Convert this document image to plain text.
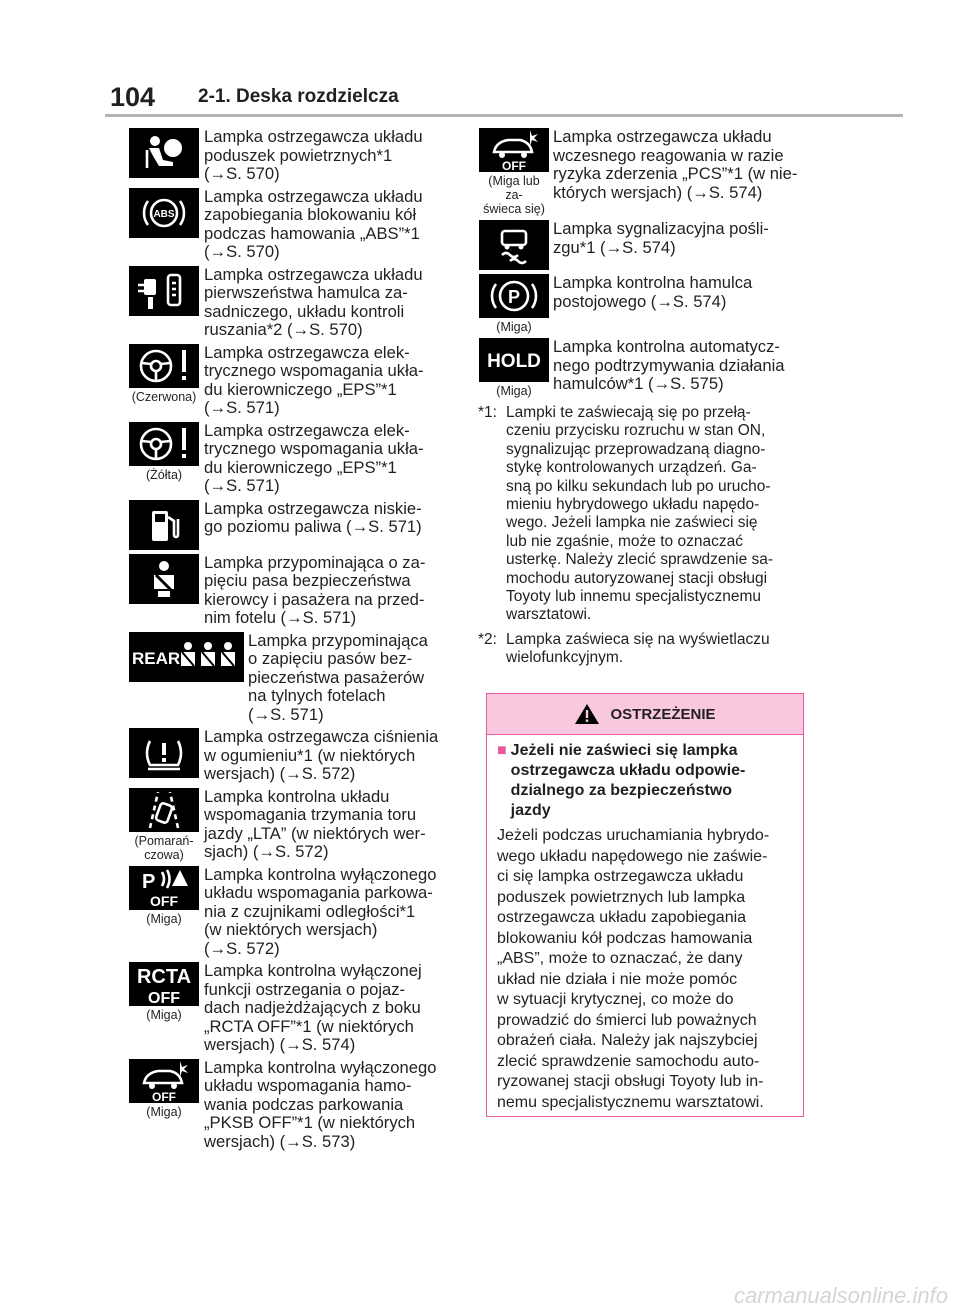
104 2-1. Deska rozdzielcza
Lampka ostrzegawcza układu
poduszek powietrznych*1
(→S. 570)
ABS
Lampka ostrzegawcza układu
zapobiegania blokowaniu kół
podczas hamowania „ABS”*1
(→S. 570)
Lampka ostrzegawcza układu
pierwszeństwa hamulca za-
sadniczego, układu kontroli
ruszania*2 (→S. 570)
(Czerwona)
Lampka ostrzegawcza elek-
trycznego wspomagania ukła-
du kierowniczego „EPS”*1
(→S. 571)
(Żółta)
Lampka ostrzegawcza elek-
trycznego wspomagania ukła-
du kierowniczego „EPS”*1
(→S. 571)
Lampka ostrzegawcza niskie-
go poziomu paliwa (→S. 571)
Lampka przypominająca o za-
pięciu pasa bezpieczeństwa
kierowcy i pasażera na przed-
nim fotelu (→S. 571)
REAR
Lampka przypominająca
o zapięciu pasów bez-
pieczeństwa pasażerów
na tylnych fotelach
(→S. 571)
Lampka ostrzegawcza ciśnienia
w ogumieniu*1 (w niektórych
wersjach) (→S. 572)
(Pomarań-
czowa)
Lampka kontrolna układu
wspomagania trzymania toru
jazdy „LTA” (w niektórych wer-
sjach) (→S. 572)
P
OFF
(Miga)
Lampka kontrolna wyłączonego
układu wspomagania parkowa-
nia z czujnikami odległości*1
(w niektórych wersjach)
(→S. 572)
RCTA
OFF
(Miga)
Lampka kontrolna wyłączonej
funkcji ostrzegania o pojaz-
dach nadjeżdżających z boku
„RCTA OFF”*1 (w niektórych
wersjach) (→S. 574)
OFF
(Miga)
Lampka kontrolna wyłączonego
układu wspomagania hamo-
wania podczas parkowania
„PKSB OFF”*1 (w niektórych
wersjach) (→S. 573)
OFF
(Miga lub za-
świeca się)
Lampka ostrzegawcza układu
wczesnego reagowania w razie
ryzyka zderzenia „PCS”*1 (w nie-
których wersjach) (→S. 574)
Lampka sygnalizacyjna pośli-
zgu*1 (→S. 574)
P
(Miga)
Lampka kontrolna hamulca
postojowego (→S. 574)
HOLD
(Miga)
Lampka kontrolna automatycz-
nego podtrzymywania działania
hamulców*1 (→S. 575)
*1: Lampki te zaświecają się po przełą-
czeniu przycisku rozruchu w stan ON,
sygnalizując przeprowadzaną diagno-
stykę kontrolowanych urządzeń. Ga-
sną po kilku sekundach lub po urucho-
mieniu hybrydowego układu napędo-
wego. Jeżeli lampka nie zaświeci się
lub nie zgaśnie, może to oznaczać
usterkę. Należy zlecić sprawdzenie sa-
mochodu autoryzowanej stacji obsługi
Toyoty lub innemu specjalistycznemu
warsztatowi.
*2: Lampka zaświeca się na wyświetlaczu
wielofunkcyjnym.
OSTRZEŻENIE
■ Jeżeli nie zaświeci się lampka
ostrzegawcza układu odpowie-
dzialnego za bezpieczeństwo
jazdy
Jeżeli podczas uruchamiania hybrydo-
wego układu napędowego nie zaświe-
ci się lampka ostrzegawcza układu
poduszek powietrznych lub lampka
ostrzegawcza układu zapobiegania
blokowaniu kół podczas hamowania
„ABS”, może to oznaczać, że dany
układ nie działa i nie może pomóc
w sytuacji krytycznej, co może do
prowadzić do śmierci lub poważnych
obrażeń ciała. Należy jak najszybciej
zlecić sprawdzenie samochodu auto-
ryzowanej stacji obsługi Toyoty lub in-
nemu specjalistycznemu warsztatowi.
carmanualsonline.info
